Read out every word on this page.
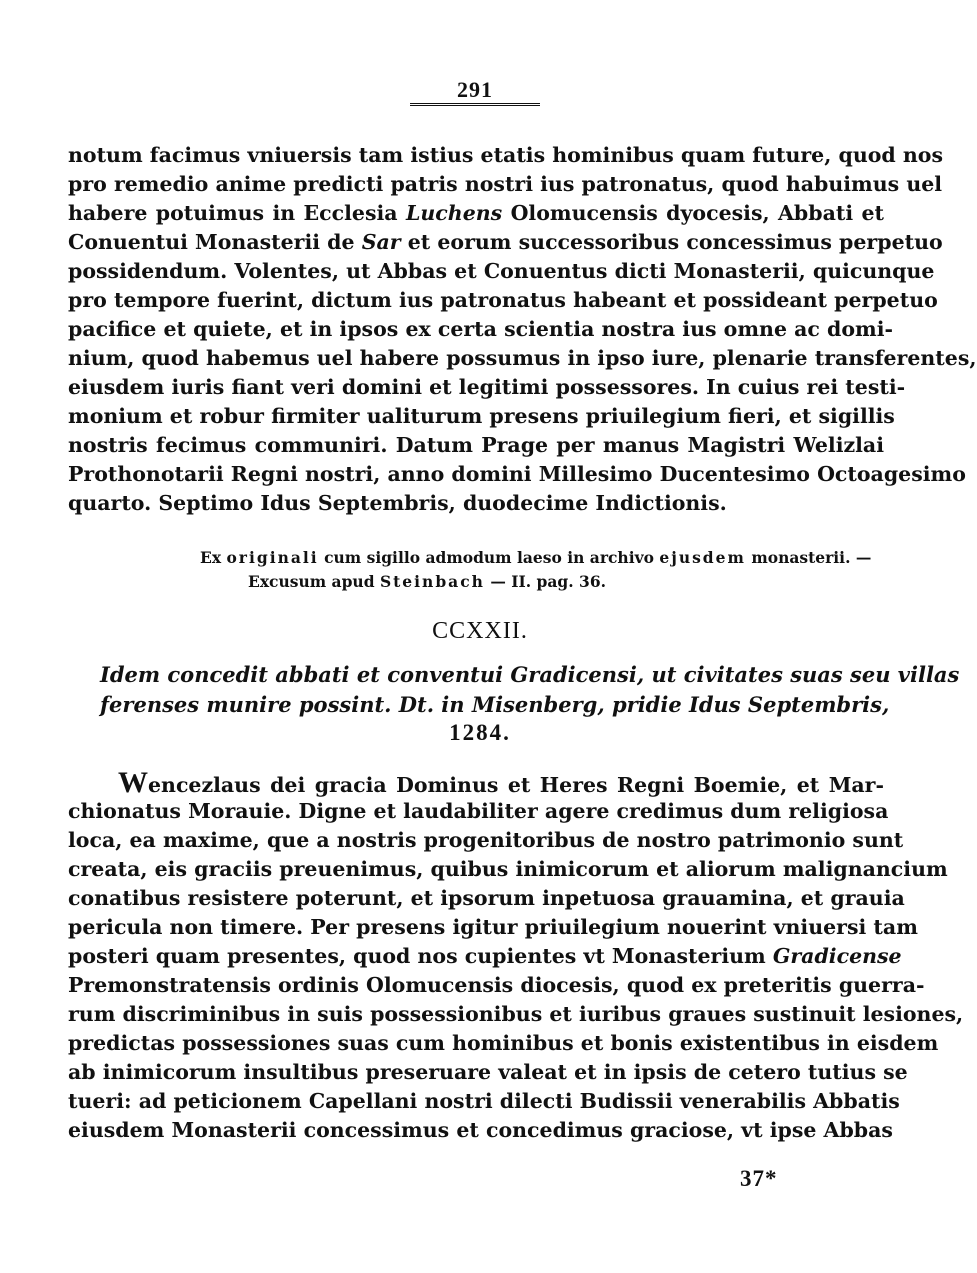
291
notum facimus vniuersis tam istius etatis hominibus quam future, quod nos
pro remedio anime predicti patris nostri ius patronatus, quod habuimus uel
habere potuimus in Ecclesia Luchens Olomucensis dyocesis, Abbati et
Conuentui Monasterii de Sar et eorum successoribus concessimus perpetuo
possidendum. Volentes, ut Abbas et Conuentus dicti Monasterii, quicunque
pro tempore fuerint, dictum ius patronatus habeant et possideant perpetuo
pacifice et quiete, et in ipsos ex certa scientia nostra ius omne ac domi-
nium, quod habemus uel habere possumus in ipso iure, plenarie transferentes,
eiusdem iuris fiant veri domini et legitimi possessores. In cuius rei testi-
monium et robur firmiter ualiturum presens priuilegium fieri, et sigillis
nostris fecimus communiri. Datum Prage per manus Magistri Welizlai
Prothonotarii Regni nostri, anno domini Millesimo Ducentesimo Octoagesimo
quarto. Septimo Idus Septembris, duodecime Indictionis.
Ex originali cum sigillo admodum laeso in archivo ejusdem monasterii. —
Excusum apud Steinbach — II. pag. 36.
CCXXII.
Idem concedit abbati et conventui Gradicensi, ut civitates suas seu villas
ferenses munire possint. Dt. in Misenberg, pridie Idus Septembris,
1284.
Wencezlaus dei gracia Dominus et Heres Regni Boemie, et Mar-
chionatus Morauie. Digne et laudabiliter agere credimus dum religiosa
loca, ea maxime, que a nostris progenitoribus de nostro patrimonio sunt
creata, eis graciis preuenimus, quibus inimicorum et aliorum malignancium
conatibus resistere poterunt, et ipsorum inpetuosa grauamina, et grauia
pericula non timere. Per presens igitur priuilegium nouerint vniuersi tam
posteri quam presentes, quod nos cupientes vt Monasterium Gradicense
Premonstratensis ordinis Olomucensis diocesis, quod ex preteritis guerra-
rum discriminibus in suis possessionibus et iuribus graues sustinuit lesiones,
predictas possessiones suas cum hominibus et bonis existentibus in eisdem
ab inimicorum insultibus preseruare valeat et in ipsis de cetero tutius se
tueri: ad peticionem Capellani nostri dilecti Budissii venerabilis Abbatis
eiusdem Monasterii concessimus et concedimus graciose, vt ipse Abbas
37*
